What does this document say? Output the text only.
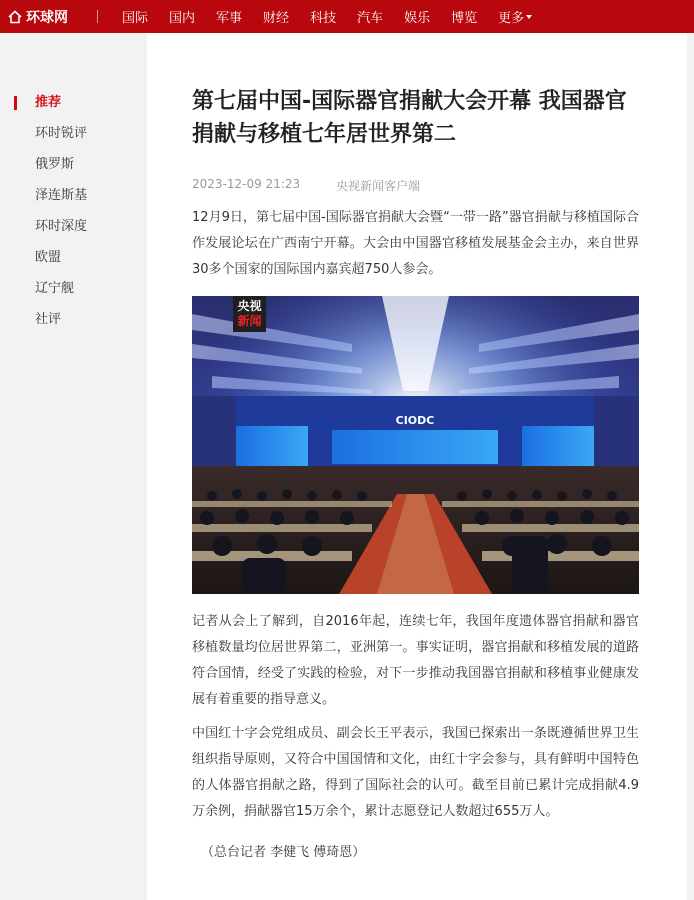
环球网	国际 国内 军事 财经 科技 汽车 娱乐 博览 更多
推荐
环时锐评
俄罗斯
泽连斯基
环时深度
欧盟
辽宁舰
社评
第七届中国-国际器官捐献大会开幕 我国器官捐献与移植七年居世界第二
2023-12-09 21:23	央视新闻客户端

12月9日，第七届中国-国际器官捐献大会暨“一带一路”器官捐献与移植国际合作发展论坛在广西南宁开幕。大会由中国器官移植发展基金会主办，来自世界30多个国家的国际国内嘉宾超750人参会。

CIODC
央视
新闻

记者从会上了解到，自2016年起，连续七年，我国年度遗体器官捐献和器官移植数量均位居世界第二，亚洲第一。事实证明，器官捐献和移植发展的道路符合国情，经受了实践的检验，对下一步推动我国器官捐献和移植事业健康发展有着重要的指导意义。

中国红十字会党组成员、副会长王平表示，我国已探索出一条既遵循世界卫生组织指导原则，又符合中国国情和文化，由红十字会参与，具有鲜明中国特色的人体器官捐献之路，得到了国际社会的认可。截至目前已累计完成捐献4.9万余例，捐献器官15万余个，累计志愿登记人数超过655万人。

（总台记者 李健飞 傅琦恩）
